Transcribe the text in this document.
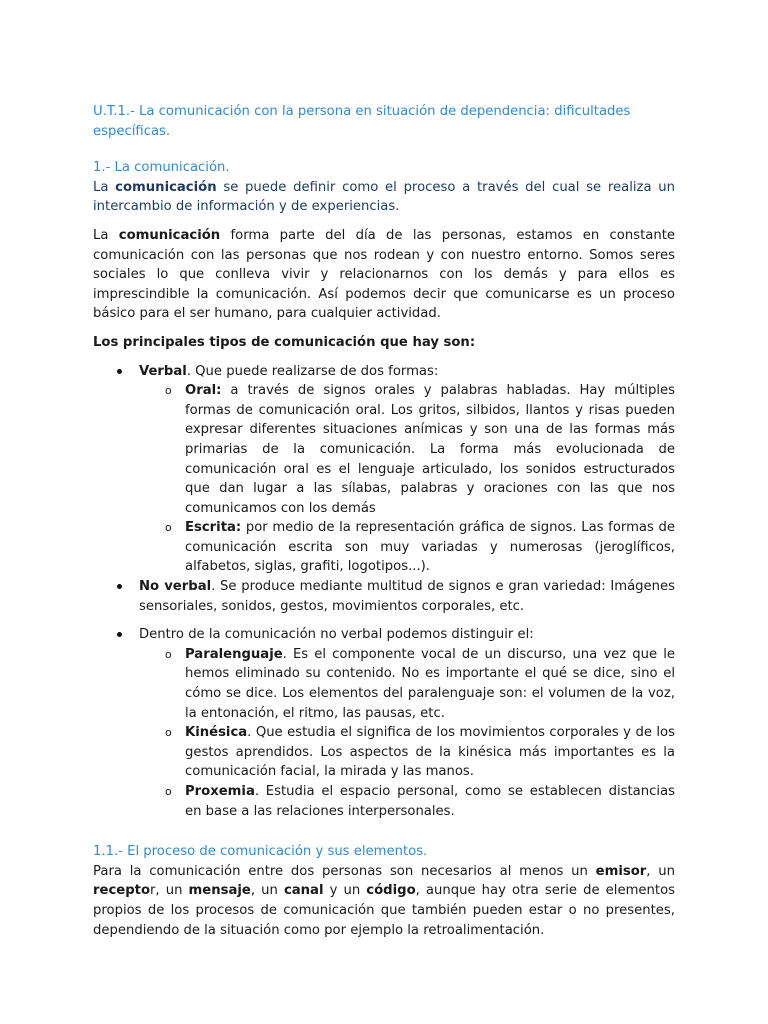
U.T.1.- La comunicación con la persona en situación de dependencia: dificultades específicas.

1.- La comunicación.

La comunicación se puede definir como el proceso a través del cual se realiza un intercambio de información y de experiencias.

La comunicación forma parte del día de las personas, estamos en constante comunicación con las personas que nos rodean y con nuestro entorno. Somos seres sociales lo que conlleva vivir y relacionarnos con los demás y para ellos es imprescindible la comunicación. Así podemos decir que comunicarse es un proceso básico para el ser humano, para cualquier actividad.

Los principales tipos de comunicación que hay son:

Verbal. Que puede realizarse de dos formas:
o Oral: a través de signos orales y palabras habladas. Hay múltiples formas de comunicación oral. Los gritos, silbidos, llantos y risas pueden expresar diferentes situaciones anímicas y son una de las formas más primarias de la comunicación. La forma más evolucionada de comunicación oral es el lenguaje articulado, los sonidos estructurados que dan lugar a las sílabas, palabras y oraciones con las que nos comunicamos con los demás
o Escrita: por medio de la representación gráfica de signos. Las formas de comunicación escrita son muy variadas y numerosas (jeroglíficos, alfabetos, siglas, grafiti, logotipos...).
No verbal. Se produce mediante multitud de signos e gran variedad: Imágenes sensoriales, sonidos, gestos, movimientos corporales, etc.
Dentro de la comunicación no verbal podemos distinguir el:
o Paralenguaje. Es el componente vocal de un discurso, una vez que le hemos eliminado su contenido. No es importante el qué se dice, sino el cómo se dice. Los elementos del paralenguaje son: el volumen de la voz, la entonación, el ritmo, las pausas, etc.
o Kinésica. Que estudia el significa de los movimientos corporales y de los gestos aprendidos. Los aspectos de la kinésica más importantes es la comunicación facial, la mirada y las manos.
o Proxemia. Estudia el espacio personal, como se establecen distancias en base a las relaciones interpersonales.

1.1.- El proceso de comunicación y sus elementos.

Para la comunicación entre dos personas son necesarios al menos un emisor, un receptor, un mensaje, un canal y un código, aunque hay otra serie de elementos propios de los procesos de comunicación que también pueden estar o no presentes, dependiendo de la situación como por ejemplo la retroalimentación.
